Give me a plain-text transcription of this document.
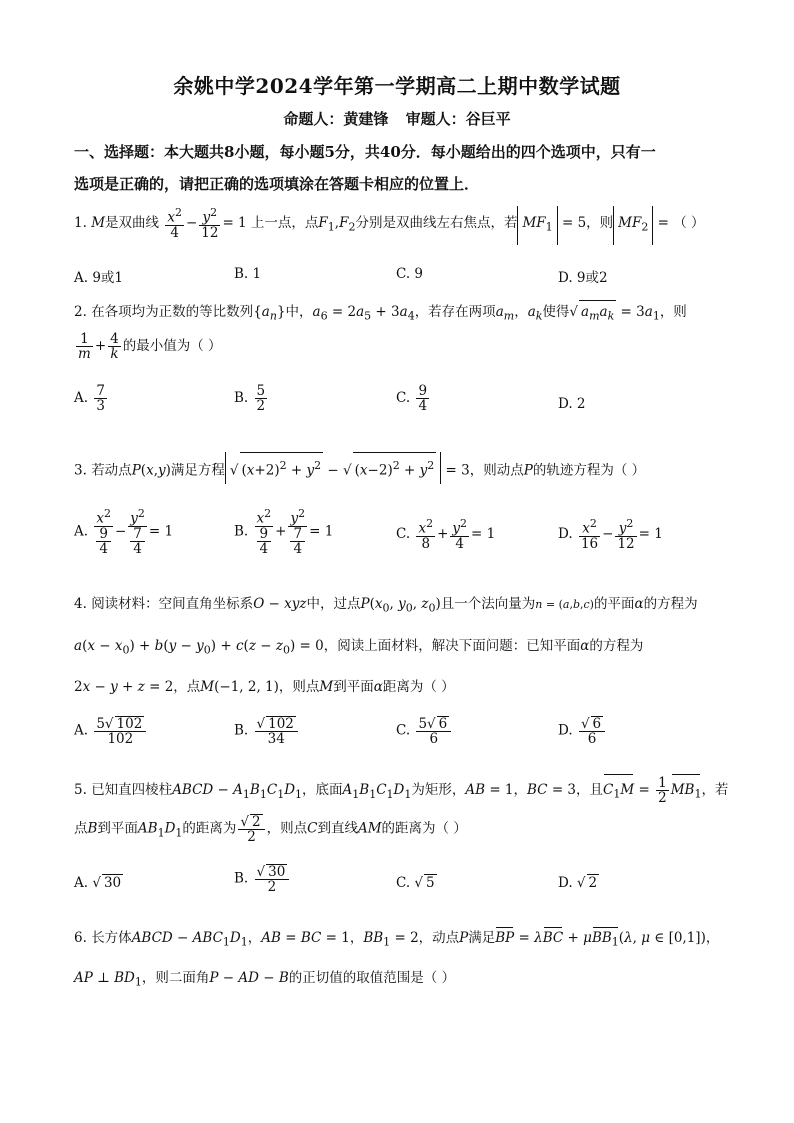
余姚中学2024学年第一学期高二上期中数学试题
命题人：黄建锋 审题人：谷巨平
一、选择题：本大题共8小题，每小题5分，共40分．每小题给出的四个选项中，只有一
选项是正确的，请把正确的选项填涂在答题卡相应的位置上．
1. M是双曲线 $\frac{x^2}{4} - \frac{y^2}{12} = 1$ 上一点，点$F_1,F_2$分别是双曲线左右焦点，若 $MF_1 = 5$，则 $MF_2$ = （ ）
A. 9或1	B. 1	C. 9	D. 9或2
2. 在各项均为正数的等比数列$\{a_n\}$中，$a_6 = 2a_5 + 3a_4$，若存在两项$a_m$，$a_k$使得√ $a_ma_k = 3a_1$，则
$\frac{1}{m} + \frac{4}{k}$ 的最小值为（ ）
A. $\frac{7}{3}$	B. $\frac{5}{2}$	C. $\frac{9}{4}$	D. 2
3. 若动点P(x,y)满足方程 √ $(x+2)^2 + y^2$ − √ $(x-2)^2 + y^2 = 3$，则动点P的轨迹方程为（ ）
A. $x^2$
9
$4 - y^2$
7
4 = 1	B. $x^2$
9
$4 + y^2$
7
4 = 1	C. $\frac{x^2}{8} + \frac{y^2}{4} = 1$	D. $\frac{x^2}{16} - \frac{y^2}{12} = 1$
4. 阅读材料：空间直角坐标系O − xyz中，过点$P(x_0$, $y_0$, $z_0$)且一个法向量为n = (a,b,c)的平面α的方程为
$a(x - x_0) + b(y - y_0) + c(z - z_0) = 0$，阅读上面材料，解决下面问题：已知平面α的方程为
2x − y + z = 2，点M(−1, 2, 1)，则点M到平面α距离为（ ）
A. $\frac{5√ 102}{102}$	B. $\frac{√ 102}{34}$	C. $\frac{5√ 6}{6}$	D. $\frac{√ 6}{6}$
5. 已知直四棱柱ABCD − $A_1B_1C_1D_1$，底面$A_1B_1C_1D_1$为矩形，AB = 1，BC = 3，且$C_1M = \frac{1}{2} MB_1$，若
点B到平面$AB_1D_1$的距离为 $\frac{√ 2}{2}$ ，则点C到直线AM的距离为（ ）
A. √ 30	B. $\frac{√ 30}{2}$	C. √ 5	D. √ 2
6. 长方体ABCD − $ABC_1D_1$，AB = BC = 1，$BB_1 = 2$，动点P满足BP = λBC + μBB$_1$(λ, μ ∈ [0,1])，
AP ⊥ $BD_1$，则二面角P − AD − B的正切值的取值范围是（ ）
